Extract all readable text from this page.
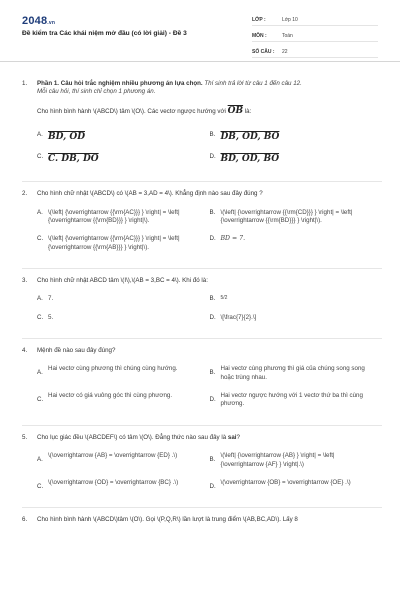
2048.vn
Đề kiểm tra Các khái niệm mở đầu (có lời giải) - Đề 3
LỚP :	Lớp 10
MÔN :	Toán
SỐ CÂU :	22
1. Phần 1. Câu hỏi trắc nghiệm nhiều phương án lựa chọn. Thí sinh trả lời từ câu 1 đến câu 12.
Mỗi câu hỏi, thí sinh chỉ chọn 1 phương án.
Cho hình bình hành \(ABCD\) tâm \(O\). Các vectơ ngược hướng với $\overline{OB}$ là:
A. BD, OD	B. DB, OD, BO
C. C. DB, DO	D. BD, OD, BO
2. Cho hình chữ nhật \(ABCD\) có \(AB = 3,AD = 4\). Khẳng định nào sau đây đúng ?
A. \(\left| {\overrightarrow {{\rm{AC}}} } \right| = \left| {\overrightarrow {{\rm{BD}}} } \right|\).
B. \(\left| {\overrightarrow {{\rm{CD}}} } \right| = \left| {\overrightarrow {{\rm{BD}}} } \right|\).
C. \(\left| {\overrightarrow {{\rm{AC}}} } \right| = \left| {\overrightarrow {{\rm{AB}}} } \right|\).
D. BD = 7.
3. Cho hình chữ nhật ABCD tâm \(I\),\(AB = 3,BC = 4\). Khi đó là:
A. 7.	B.	5/2
C. 5.	D. \[\frac{7}{2}.\]
4. Mệnh đề nào sau đây đúng?
A.
Hai vectơ cùng phương thì chúng cùng hướng.
B.
Hai vectơ cùng phương thì giá của chúng song song hoặc trùng nhau.
C.
Hai vectơ có giá vuông góc thì cùng phương.
D.
Hai vectơ ngược hướng với 1 vectơ thứ ba thì cùng phương.
5. Cho lục giác đều \(ABCDEF\) có tâm \(O\). Đẳng thức nào sau đây là sai?
A.
\(\overrightarrow {AB} = \overrightarrow {ED} .\)
B.
\(\left| {\overrightarrow {AB} } \right| = \left| {\overrightarrow {AF} } \right|.\)
C.
\(\overrightarrow {OD} = \overrightarrow {BC} .\)
D.
\(\overrightarrow {OB} = \overrightarrow {OE} .\)
6. Cho hình bình hành \(ABCD\)tâm \(O\). Gọi \(P,Q,R\) lần lượt là trung điểm \(AB,BC,AD\). Lấy 8
